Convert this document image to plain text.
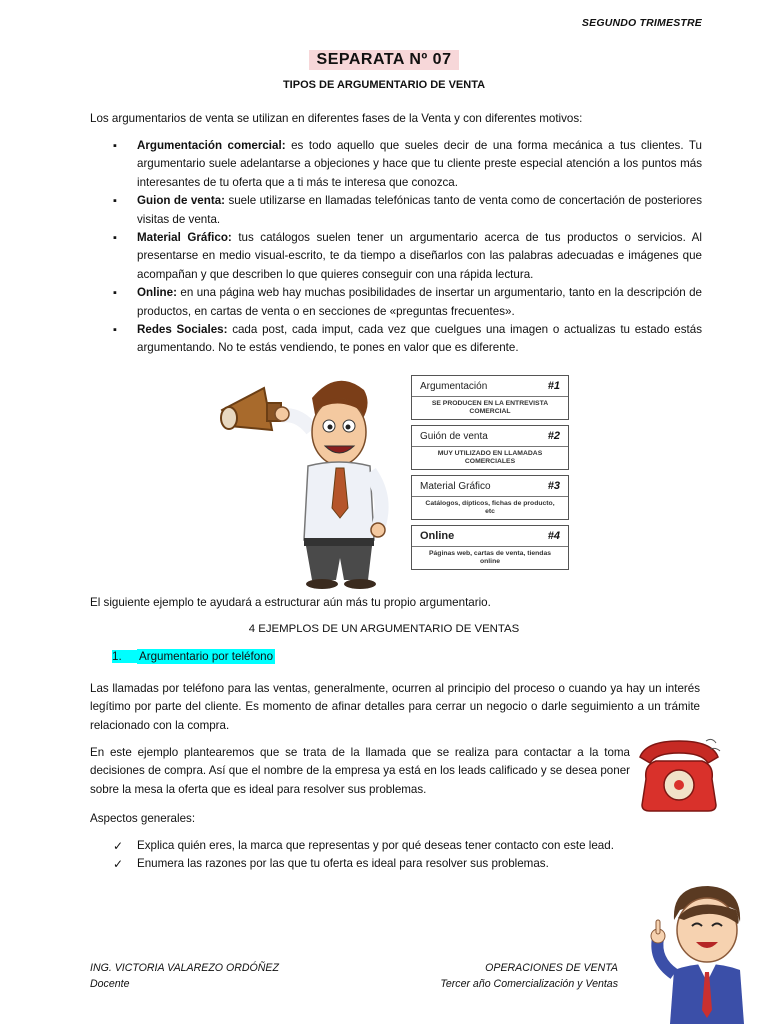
SEGUNDO TRIMESTRE
SEPARATA Nº 07
TIPOS DE ARGUMENTARIO DE VENTA
Los argumentarios de venta se utilizan en diferentes fases de la Venta y con diferentes motivos:
▪ Argumentación comercial: es todo aquello que sueles decir de una forma mecánica a tus clientes. Tu argumentario suele adelantarse a objeciones y hace que tu cliente preste especial atención a los puntos más interesantes de tu oferta que a ti más te interesa que conozca.
▪ Guion de venta: suele utilizarse en llamadas telefónicas tanto de venta como de concertación de posteriores visitas de venta.
▪ Material Gráfico: tus catálogos suelen tener un argumentario acerca de tus productos o servicios. Al presentarse en medio visual-escrito, te da tiempo a diseñarlos con las palabras adecuadas e imágenes que acompañan y que describen lo que quieres conseguir con una rápida lectura.
▪ Online: en una página web hay muchas posibilidades de insertar un argumentario, tanto en la descripción de productos, en cartas de venta o en secciones de «preguntas frecuentes».
▪ Redes Sociales: cada post, cada imput, cada vez que cuelgues una imagen o actualizas tu estado estás argumentando. No te estás vendiendo, te pones en valor que es diferente.
Argumentación	#1
SE PRODUCEN EN LA ENTREVISTA COMERCIAL
Guión de venta	#2
MUY UTILIZADO EN LLAMADAS COMERCIALES
Material Gráfico	#3
Catálogos, dípticos, fichas de producto, etc
Online	#4
Páginas web, cartas de venta, tiendas online
El siguiente ejemplo te ayudará a estructurar aún más tu propio argumentario.
4 EJEMPLOS DE UN ARGUMENTARIO DE VENTAS
1. Argumentario por teléfono
Las llamadas por teléfono para las ventas, generalmente, ocurren al principio del proceso o cuando ya hay un interés legítimo por parte del cliente. Es momento de afinar detalles para cerrar un negocio o darle seguimiento a un trámite relacionado con la compra.
En este ejemplo plantearemos que se trata de la llamada que se realiza para contactar a la toma decisiones de compra. Así que el nombre de la empresa ya está en los leads calificado y se desea poner sobre la mesa la oferta que es ideal para resolver sus problemas.
Aspectos generales:
✓ Explica quién eres, la marca que representas y por qué deseas tener contacto con este lead.
✓ Enumera las razones por las que tu oferta es ideal para resolver sus problemas.
ING. VICTORIA VALAREZO ORDÓÑEZ
Docente
OPERACIONES DE VENTA
Tercer año Comercialización y Ventas
